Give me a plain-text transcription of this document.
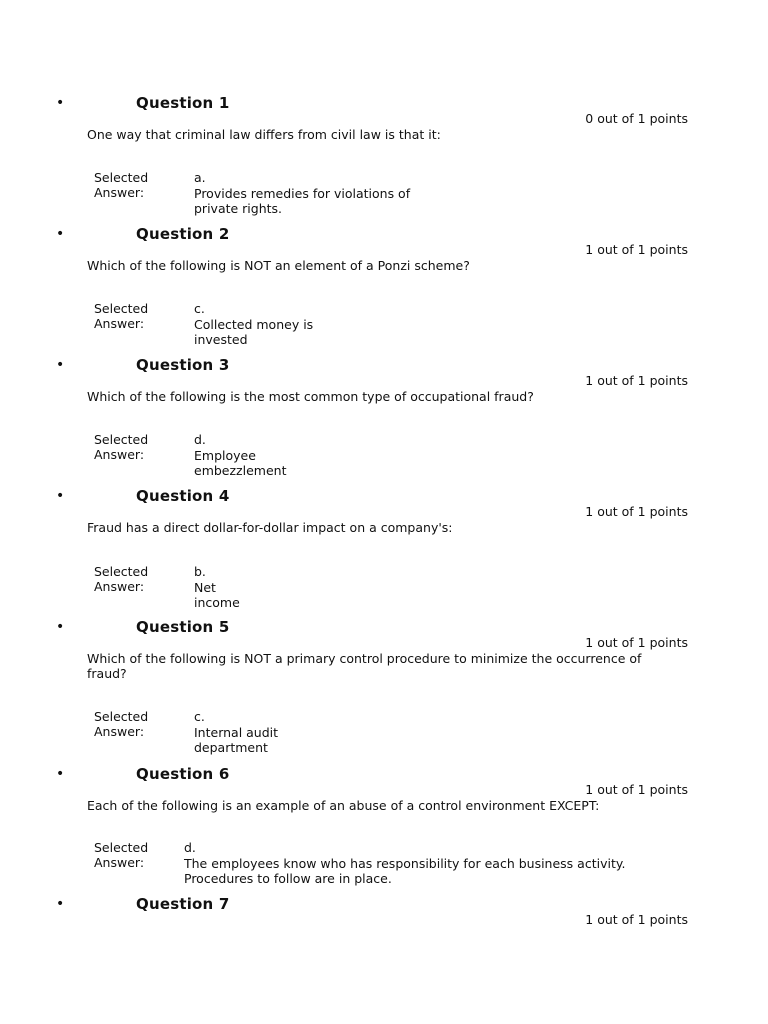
•	Question 1
0 out of 1 points
One way that criminal law differs from civil law is that it:
Selected
Answer:
a.
Provides remedies for violations of private rights.
•	Question 2
1 out of 1 points
Which of the following is NOT an element of a Ponzi scheme?
Selected
Answer:
c.
Collected money is invested
•	Question 3
1 out of 1 points
Which of the following is the most common type of occupational fraud?
Selected
Answer:
d.
Employee embezzlement
•	Question 4
1 out of 1 points
Fraud has a direct dollar-for-dollar impact on a company's:
Selected
Answer:
b.
Net income
•	Question 5
1 out of 1 points
Which of the following is NOT a primary control procedure to minimize the occurrence of fraud?
Selected
Answer:
c.
Internal audit department
•	Question 6
1 out of 1 points
Each of the following is an example of an abuse of a control environment EXCEPT:
Selected
Answer:
d.
The employees know who has responsibility for each business activity. Procedures to follow are in place.
•	Question 7
1 out of 1 points
